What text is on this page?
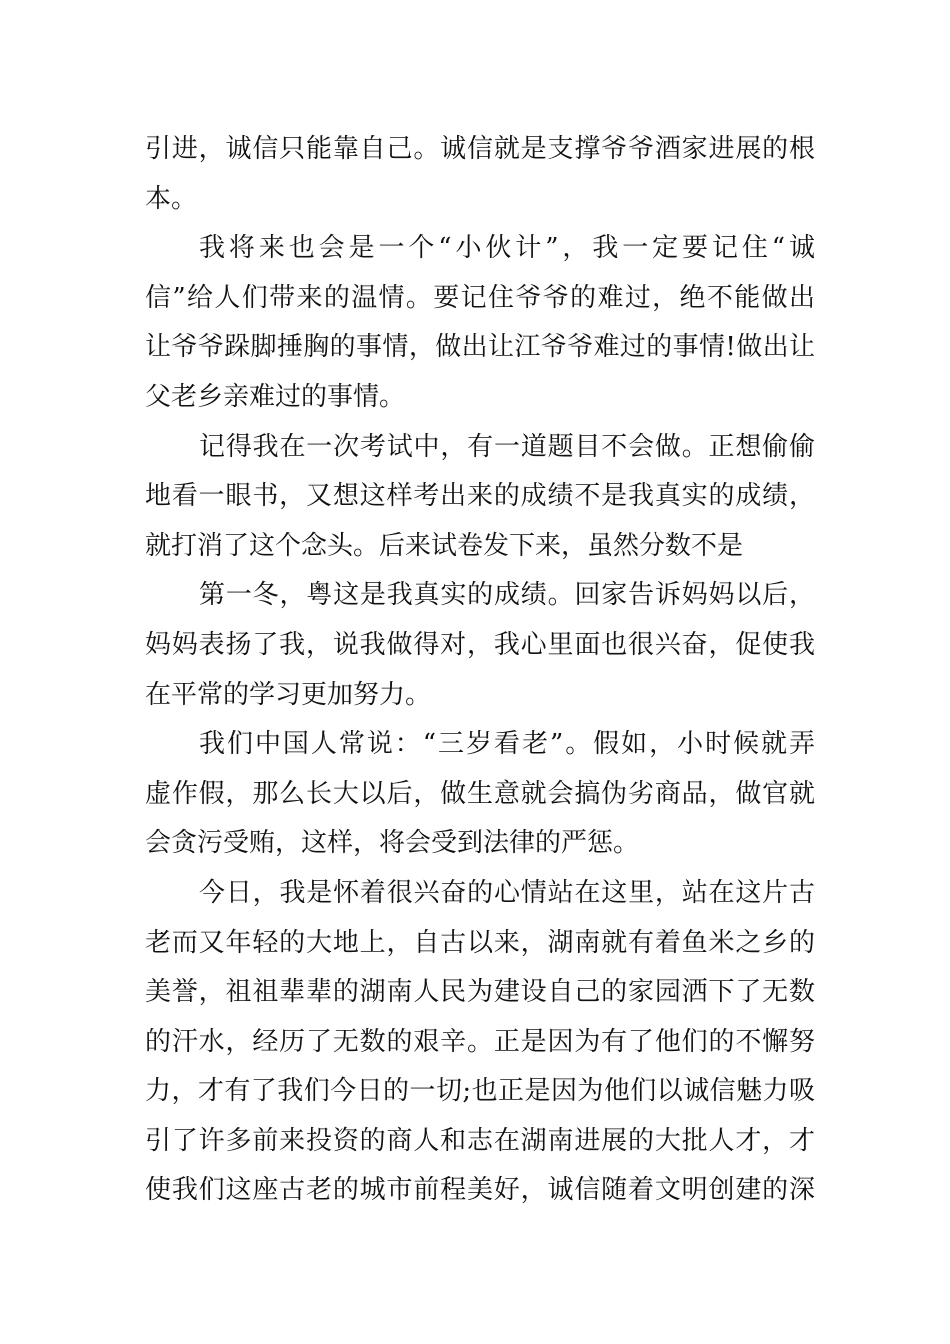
引进，诚信只能靠自己。诚信就是支撑爷爷酒家进展的根
本。
我将来也会是一个“小伙计”，我一定要记住“诚
信”给人们带来的温情。要记住爷爷的难过，绝不能做出
让爷爷跺脚捶胸的事情，做出让江爷爷难过的事情!做出让
父老乡亲难过的事情。
记得我在一次考试中，有一道题目不会做。正想偷偷
地看一眼书，又想这样考出来的成绩不是我真实的成绩，
就打消了这个念头。后来试卷发下来，虽然分数不是
第一冬，粤这是我真实的成绩。回家告诉妈妈以后，
妈妈表扬了我，说我做得对，我心里面也很兴奋，促使我
在平常的学习更加努力。
我们中国人常说：“三岁看老”。假如，小时候就弄
虚作假，那么长大以后，做生意就会搞伪劣商品，做官就
会贪污受贿，这样，将会受到法律的严惩。
今日，我是怀着很兴奋的心情站在这里，站在这片古
老而又年轻的大地上，自古以来，湖南就有着鱼米之乡的
美誉，祖祖辈辈的湖南人民为建设自己的家园洒下了无数
的汗水，经历了无数的艰辛。正是因为有了他们的不懈努
力，才有了我们今日的一切;也正是因为他们以诚信魅力吸
引了许多前来投资的商人和志在湖南进展的大批人才，才
使我们这座古老的城市前程美好，诚信随着文明创建的深
